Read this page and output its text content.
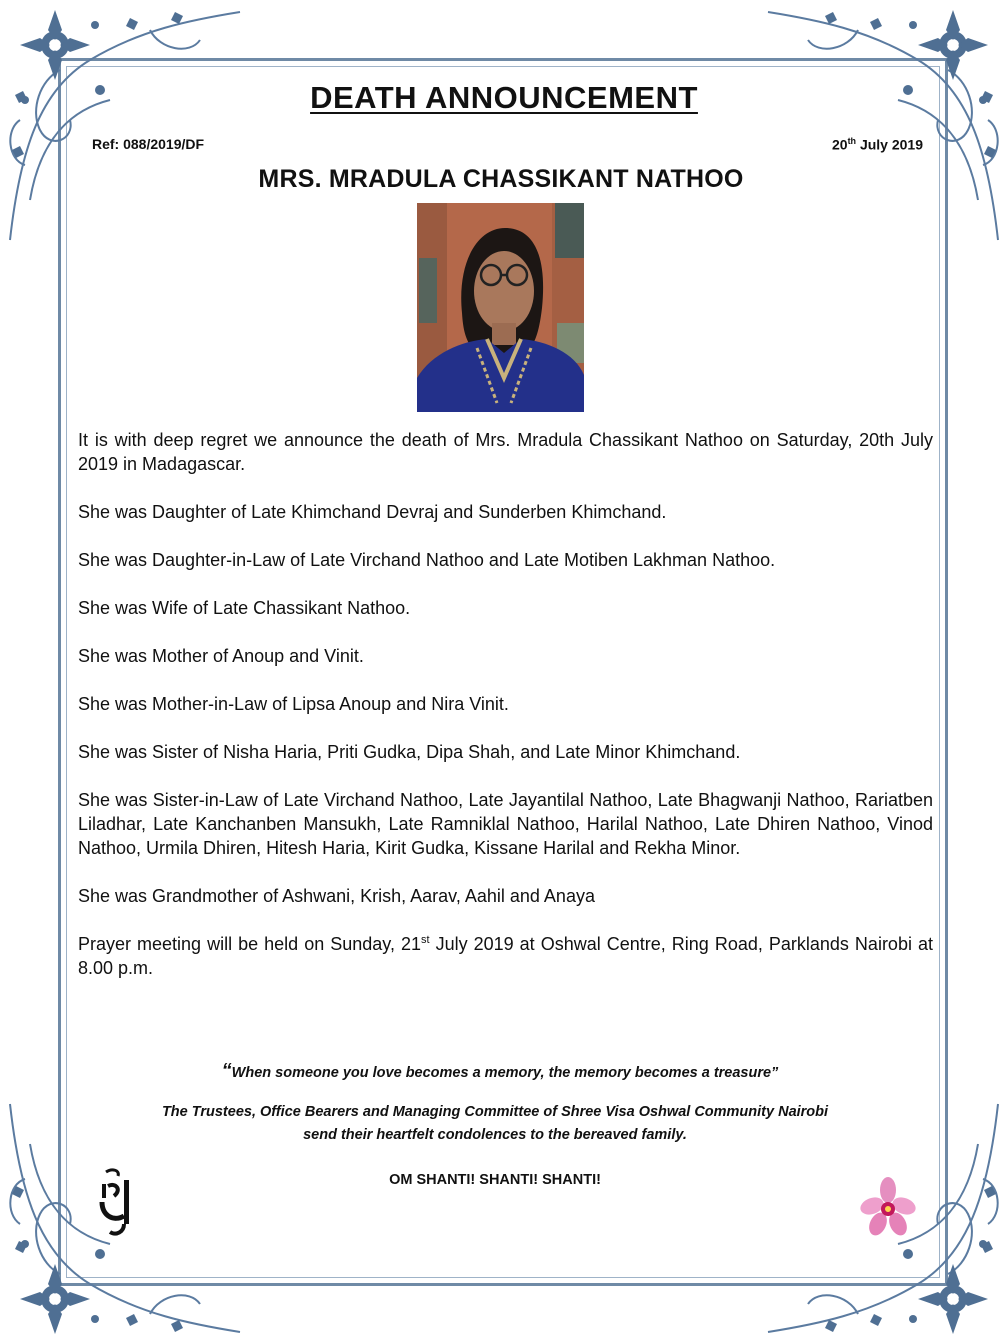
DEATH ANNOUNCEMENT
Ref: 088/2019/DF	20th July 2019
MRS. MRADULA CHASSIKANT NATHOO

It is with deep regret we announce the death of Mrs. Mradula Chassikant Nathoo on Saturday, 20th July 2019 in Madagascar.

She was Daughter of Late Khimchand Devraj and Sunderben Khimchand.

She was Daughter-in-Law of Late Virchand Nathoo and Late Motiben Lakhman Nathoo.

She was Wife of Late Chassikant Nathoo.

She was Mother of Anoup and Vinit.

She was Mother-in-Law of Lipsa Anoup and Nira Vinit.

She was Sister of Nisha Haria, Priti Gudka, Dipa Shah, and Late Minor Khimchand.

She was Sister-in-Law of Late Virchand Nathoo, Late Jayantilal Nathoo, Late Bhagwanji Nathoo, Rariatben Liladhar, Late Kanchanben Mansukh, Late Ramniklal Nathoo, Harilal Nathoo, Late Dhiren Nathoo, Vinod Nathoo, Urmila Dhiren, Hitesh Haria, Kirit Gudka, Kissane Harilal and Rekha Minor.

She was Grandmother of Ashwani, Krish, Aarav, Aahil and Anaya

Prayer meeting will be held on Sunday, 21st July 2019 at Oshwal Centre, Ring Road, Parklands Nairobi at 8.00 p.m.

“When someone you love becomes a memory, the memory becomes a treasure”
The Trustees, Office Bearers and Managing Committee of Shree Visa Oshwal Community Nairobi
send their heartfelt condolences to the bereaved family.
OM SHANTI! SHANTI! SHANTI!
